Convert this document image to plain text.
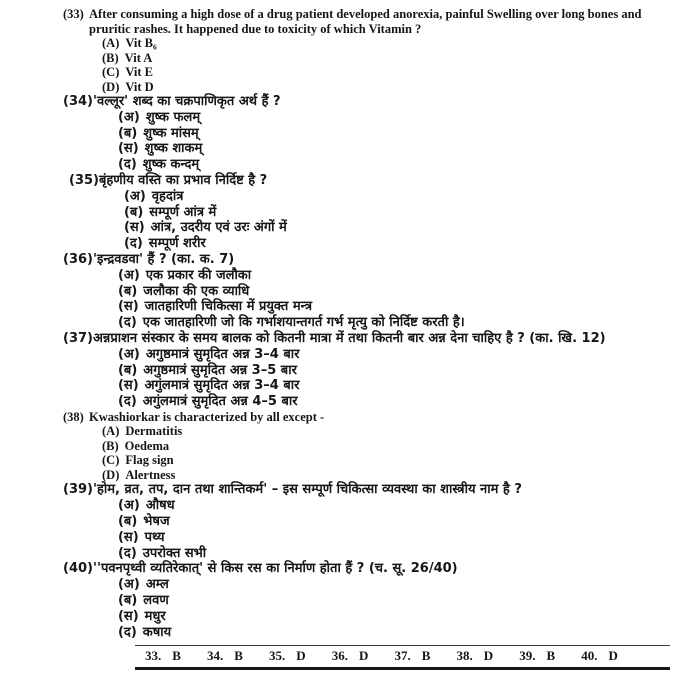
(33) After consuming a high dose of a drug patient developed anorexia, painful Swelling over long bones and pruritic rashes. It happened due to toxicity of which Vitamin ?
(A) Vit B₆
(B) Vit A
(C) Vit E
(D) Vit D
(34) 'वल्लूर' शब्द का चक्रपाणिकृत अर्थ हैं ?
(अ) शुष्क फलम्
(ब) शुष्क मांसम्
(स) शुष्क शाकम्
(द) शुष्क कन्दम्
(35) बृंहणीय वस्ति का प्रभाव निर्दिष्ट है ?
(अ) वृहदांत्र
(ब) सम्पूर्ण आंत्र में
(स) आंत्र, उदरीय एवं उरः अंगों में
(द) सम्पूर्ण शरीर
(36) 'इन्द्रवडवा' हैं ? (का. क. 7)
(अ) एक प्रकार की जलौका
(ब) जलौका की एक व्याधि
(स) जातहारिणी चिकित्सा में प्रयुक्त मन्त्र
(द) एक जातहारिणी जो कि गर्भाशयान्तगर्त गर्भ मृत्यु को निर्दिष्ट करती है।
(37) अन्नप्राशन संस्कार के समय बालक को कितनी मात्रा में तथा कितनी बार अन्न देना चाहिए है ? (का. खि. 12)
(अ) अगुष्ठमात्रं सुमृदित अन्न 3–4 बार
(ब) अगुष्ठमात्रं सुमृदित अन्न 3–5 बार
(स) अगुंलमात्रं सुमृदित अन्न 3–4 बार
(द) अगुंलमात्रं सुमृदित अन्न 4–5 बार
(38) Kwashiorkar is characterized by all except -
(A) Dermatitis
(B) Oedema
(C) Flag sign
(D) Alertness
(39) 'होम, व्रत, तप, दान तथा शान्तिकर्म' – इस सम्पूर्ण चिकित्सा व्यवस्था का शास्त्रीय नाम है ?
(अ) औषध
(ब) भेषज
(स) पथ्य
(द) उपरोक्त सभी
(40) ''पवनपृथ्वी व्यतिरेकात्' से किस रस का निर्माण होता हैं ? (च. सू. 26/40)
(अ) अम्ल
(ब) लवण
(स) मधुर
(द) कषाय
33. B 34. B 35. D 36. D 37. B 38. D 39. B 40. D
